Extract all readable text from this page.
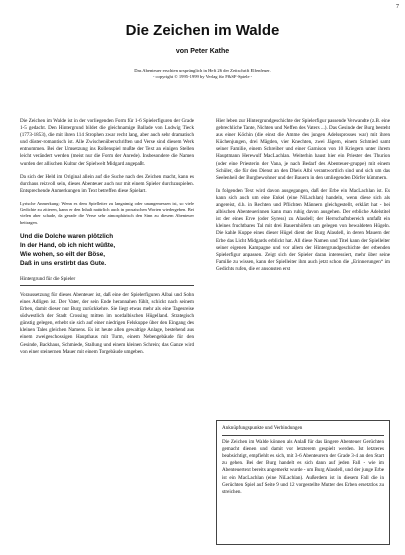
7
Die Zeichen im Walde
von Peter Kathe
Das Abenteuer erschien ursprünglich in Heft 26 der Zeitschrift Elfenfeuer.
- copyright © 1995-1999 by Verlag für F&SF-Spiele -

Die Zeichen im Walde ist in der vorliegenden Form für 1-6 Spielerfiguren der Grade 1-5 gedacht. Den Hintergrund bildet die gleichnamige Ballade von Ludwig Tieck (1773-1853), die mit ihren 114 Strophen zwar recht lang, aber auch sehr dramatisch und düster-romantisch ist. Alle Zwischenüberschriften und Verse sind diesem Werk entnommen. Bei der Umsetzung ins Rollenspiel mußte der Text an einigen Stellen leicht verändert werden (meist nur die Form der Anrede). Insbesondere die Namen wurden der allischen Kultur der Spielwelt Midgard angepaßt.

Da sich der Held im Original allein auf die Suche nach des Zeichen macht, kann es durchaus reizvoll sein, dieses Abenteuer auch nur mit einem Spieler durchzuspielen. Entsprechende Anmerkungen im Text betreffen diese Spielart.

Lyrische Anmerkung: Wenn es dem Spielleiter zu langatmig oder unangemessen ist, so viele Gedichte zu zitieren, kann er den Inhalt natürlich auch in prosaischen Worten wiedergeben. Bei vielen aber schade, da gerade die Verse sehr atmosphärisch den Sinn zu diesem Abenteuer beitragen.

Und die Dolche waren plötzlich
In der Hand, ob ich nicht wüßte,
Wie wohen, so eilt der Böse,
Daß in uns erstirbt das Gute.
Hintergrund für die Spieler

Voraussetzung für dieses Abenteuer ist, daß eine der Spielerfiguren Albai und Sohn eines Adligen ist. Der Vater, der sein Ende herannahen fühlt, schickt nach seinem Erben, damit dieser nur Burg zurückkehre. Sie liegt etwas mehr als eine Tagesreise südwestlich der Stadt Crossing mitten im nordalbischen Hügelland. Strategisch günstig gelegen, erhebt sie sich auf einer niedrigen Felskuppe über den Eingang des kleinen Tales gleichen Namens. Es ist heute allen gewaltige Anlage, bestehend aus einem zweigeschossigen Haupthaus mit Turm, einem Nebengebäude für den Gesinde, Backhaus, Schmiede, Stallung und einem kleinen Schrein; das Ganze wird von einer steinernen Mauer mit einem Torgebäude umgeben.

Hier leben zur Hintergrundgeschichte der Spielerfigur passende Verwandte (z.B. eine gebrechliche Tante, Nichten und Neffen des Vaters ...). Das Gesinde der Burg besteht aus einer Köchin (die einst die Amme des jungen Adelssprosses war) mit ihren Küchenjungen, drei Mägden, vier Knechten, zwei Jägern, einem Schmied samt seiner Familie, einem Schreiber und einer Garnison von 10 Kriegern unter ihrem Hauptmann Herewulf MacLachlan. Weiterhin haust hier ein Priester des Thuríon (oder eine Priesterin der Vana, je nach Bedarf des Abenteuer-gruppe) mit einem Schüler, die für den Dienst an den Dheis Albi verantwortlich sind und sich um das Seelenheil der Burgbewohner und der Bauern in den umliegenden Dörfer kümmern.

In folgenden Text wird davon ausgegangen, daß der Erbe ein MacLachlan ist. Es kann sich auch um eine Enkel (eine NiLachlan) handeln, wenn diese sich als angereist, d.h. in Rechten und Pflichten Männern gleichgestellt, erklärt hat - bei albischen Abenteuerinnen kann man ruhig davon ausgehen. Der erbliche Adelstitel ist der eines Erve (oder Syress) zu Alasdell; der Herrschaftsbereich umfaßt ein kleines fruchtbares Tal mit drei Bauernhöfern um gelegen von bewaldeten Hügeln. Die kahle Kuppe eines dieser Hügel dient der Burg Alasdell, in deren Mauern der Erbe das Licht Midgards erblickt hat. All diese Namen und Titel kann der Spielleiter seiner eigenen Kampagne und vor allem der Hintergrundgeschichte der erbenden Spielerfigur anpassen. Zeigt sich der Spieler daran interessiert, mehr über seine Familie zu wissen, kann der Spielleiter ihm auch jetzt schon die „Erinnerungen“ im Gedichts rufen, die er ansonsten erst

Anknüpfungspunkte und Verbindungen
Die Zeichen im Walde können als Anlaß für das längere Abenteuer Gerüchten gemacht dienen und damit vor letzterem gespielt werden. Ist letzteres beabsichtigt, empfiehlt es sich, mit 3-6 Abenteurern der Grade 3-4 an den Start zu gehen. Bei der Burg handelt es sich dann auf jeden Fall - wie im Abenteuertext bereits angemerkt wurde - um Burg Alasdell, und der junge Erbe ist ein MacLachlan (eine NiLachlan). Außerdem ist in diesem Fall die in Gerüchten Spiel auf Seite 9 und 12 vorgestellte Mutter des Erben ersetztlos zu streichen.
